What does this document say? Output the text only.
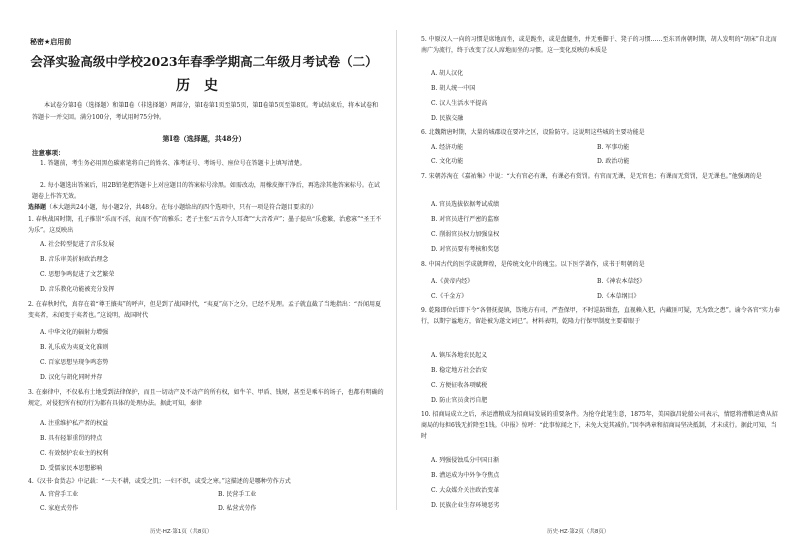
秘密★启用前
会泽实验高级中学校2023年春季学期高二年级月考试卷（二）
历史
本试卷分第Ⅰ卷（选择题）和第Ⅱ卷（非选择题）两部分，第Ⅰ卷第1页至第5页，第Ⅱ卷第5页至第8页。考试结束后，将本试卷和答题卡一并交回。满分100分，考试用时75分钟。
第Ⅰ卷（选择题，共48分）
注意事项：
1. 答题前，考生务必用黑色碳素笔将自己的姓名、准考证号、考场号、座位号在答题卡上填写清楚。
2. 每小题选出答案后，用2B铅笔把答题卡上对应题目的答案标号涂黑。如需改动，用橡皮擦干净后，再选涂其他答案标号。在试题卷上作答无效。
选择题（本大题共24小题，每小题2分，共48分。在每小题给出的四个选项中，只有一项是符合题目要求的）
1. 春秋战国时期，孔子推崇“乐而不淫，哀而不伤”的雅乐；老子主张“五音令人耳聋”“大音希声”；墨子提出“乐愈繁，治愈寡”“圣王不为乐”。这反映出
A. 社会转型促进了音乐发展
B. 音乐审美折射政治理念
C. 思想争鸣促进了文艺繁荣
D. 音乐教化功能被充分发挥
2. 在春秋时代，真存在着“尊王攘夷”的呼声，但是到了战国时代，“夷夏”高下之分，已经不见理。孟子就直截了当地指出：“吾闻用夏变夷者，未闻变于夷者也。”这说明，战国时代
A. 中华文化的辐射力增强
B. 礼乐成为夷夏文化准则
C. 百家思想呈现争鸣态势
D. 汉化与胡化同时并存
3. 在秦律中，不仅私有土地受到法律保护，而且一切动产及不动产的所有权，如牛羊、甲盾、钱财，甚至是乘车的场子，也都有明确的规定，对侵犯所有权的行为都有具体的处理办法。据此可知，秦律
A. 注重维护私产者的权益
B. 具有轻罪重罚的特点
C. 有效保护农业主的权利
D. 受儒家民本思想影响
4.《汉书·食货志》中记载：“一夫不耕，或受之饥；一妇不织，或受之寒。”这描述的是哪种劳作方式
A. 官营手工业	B. 民营手工业
C. 家庭式劳作	D. 私营式劳作
历史·HZ·第1页（共8页）
5. 中原汉人一向的习惯是席地而坐，或是跪坐，或是盘腿坐，并无垂脚于、凳子的习惯……至东晋南朝时期，胡人发明的“胡床”自北而南广为流行，终于改变了汉人席地而坐的习惯。这一变化反映的本质是
A. 胡人汉化
B. 胡人统一中国
C. 汉人生活水平提高
D. 民族交融
6. 北魏隋唐时期，大量的城郡设在要冲之区，设险防守。这说明这些城的主要功能是
A. 经济功能	B. 军事功能
C. 文化功能	D. 政治功能
7. 宋朝苏洵在《嘉祐集》中说：“大有官必有课，有课必有赏罚。有官而无课，是无官也；有课而无赏罚，是无课也。”他强调的是
A. 官员选拔依据考试成绩
B. 对官员进行严密的监察
C. 削弱官员权力加强皇权
D. 对官员要有考核和奖惩
8. 中国古代的医学成就辉煌，是传统文化中的瑰宝。以下医学著作，成书于明朝的是
A.《黄帝内经》	B.《神农本草经》
C.《千金方》	D.《本草纲目》
9. 乾隆即位后即下令“各督抚提镇，饬地方有司，严查保甲，不时巡防缉查，直视赖入犯，内藏匪可疑，无为致之患”。谕令各官“实力奉行，以期宁谧地方，留赴被为遂文词已”。材料表明，乾隆力行保甲制度主要着眼于
A. 镇压各地农民起义
B. 稳定地方社会治安
C. 方便征收各项赋税
D. 防止官员贪污自肥
10. 招商局成立之后，承运漕粮成为招商局发展的重要条件。为抢夺此笔生意，1875年，美国旗昌轮船公司表示，情愿将漕粮运费从招商局的每担6钱无折降至1钱。《申报》惊呼：“此事惊闻之下，未免大觉其减价。”因李鸿章和招商局坚决抵制，才未成行。据此可知，当时
A. 列强侵蚀瓜分中国日渐
B. 漕运成为中外争夺焦点
C. 大众媒介关注政治变革
D. 民族企业生存环境恶劣
历史·HZ·第2页（共8页）
